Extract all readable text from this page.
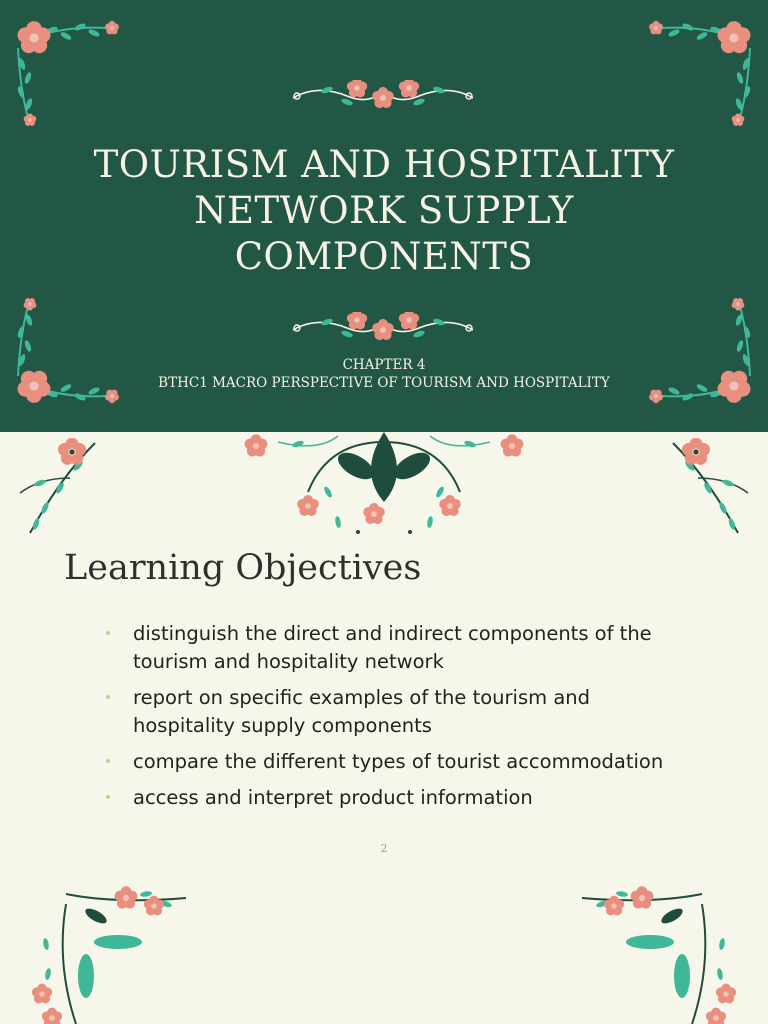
TOURISM AND HOSPITALITY
NETWORK SUPPLY
COMPONENTS
CHAPTER 4
BTHC1 MACRO PERSPECTIVE OF TOURISM AND HOSPITALITY
Learning Objectives
• distinguish the direct and indirect components of the tourism and hospitality network
• report on specific examples of the tourism and hospitality supply components
• compare the different types of tourist accommodation
• access and interpret product information
2
